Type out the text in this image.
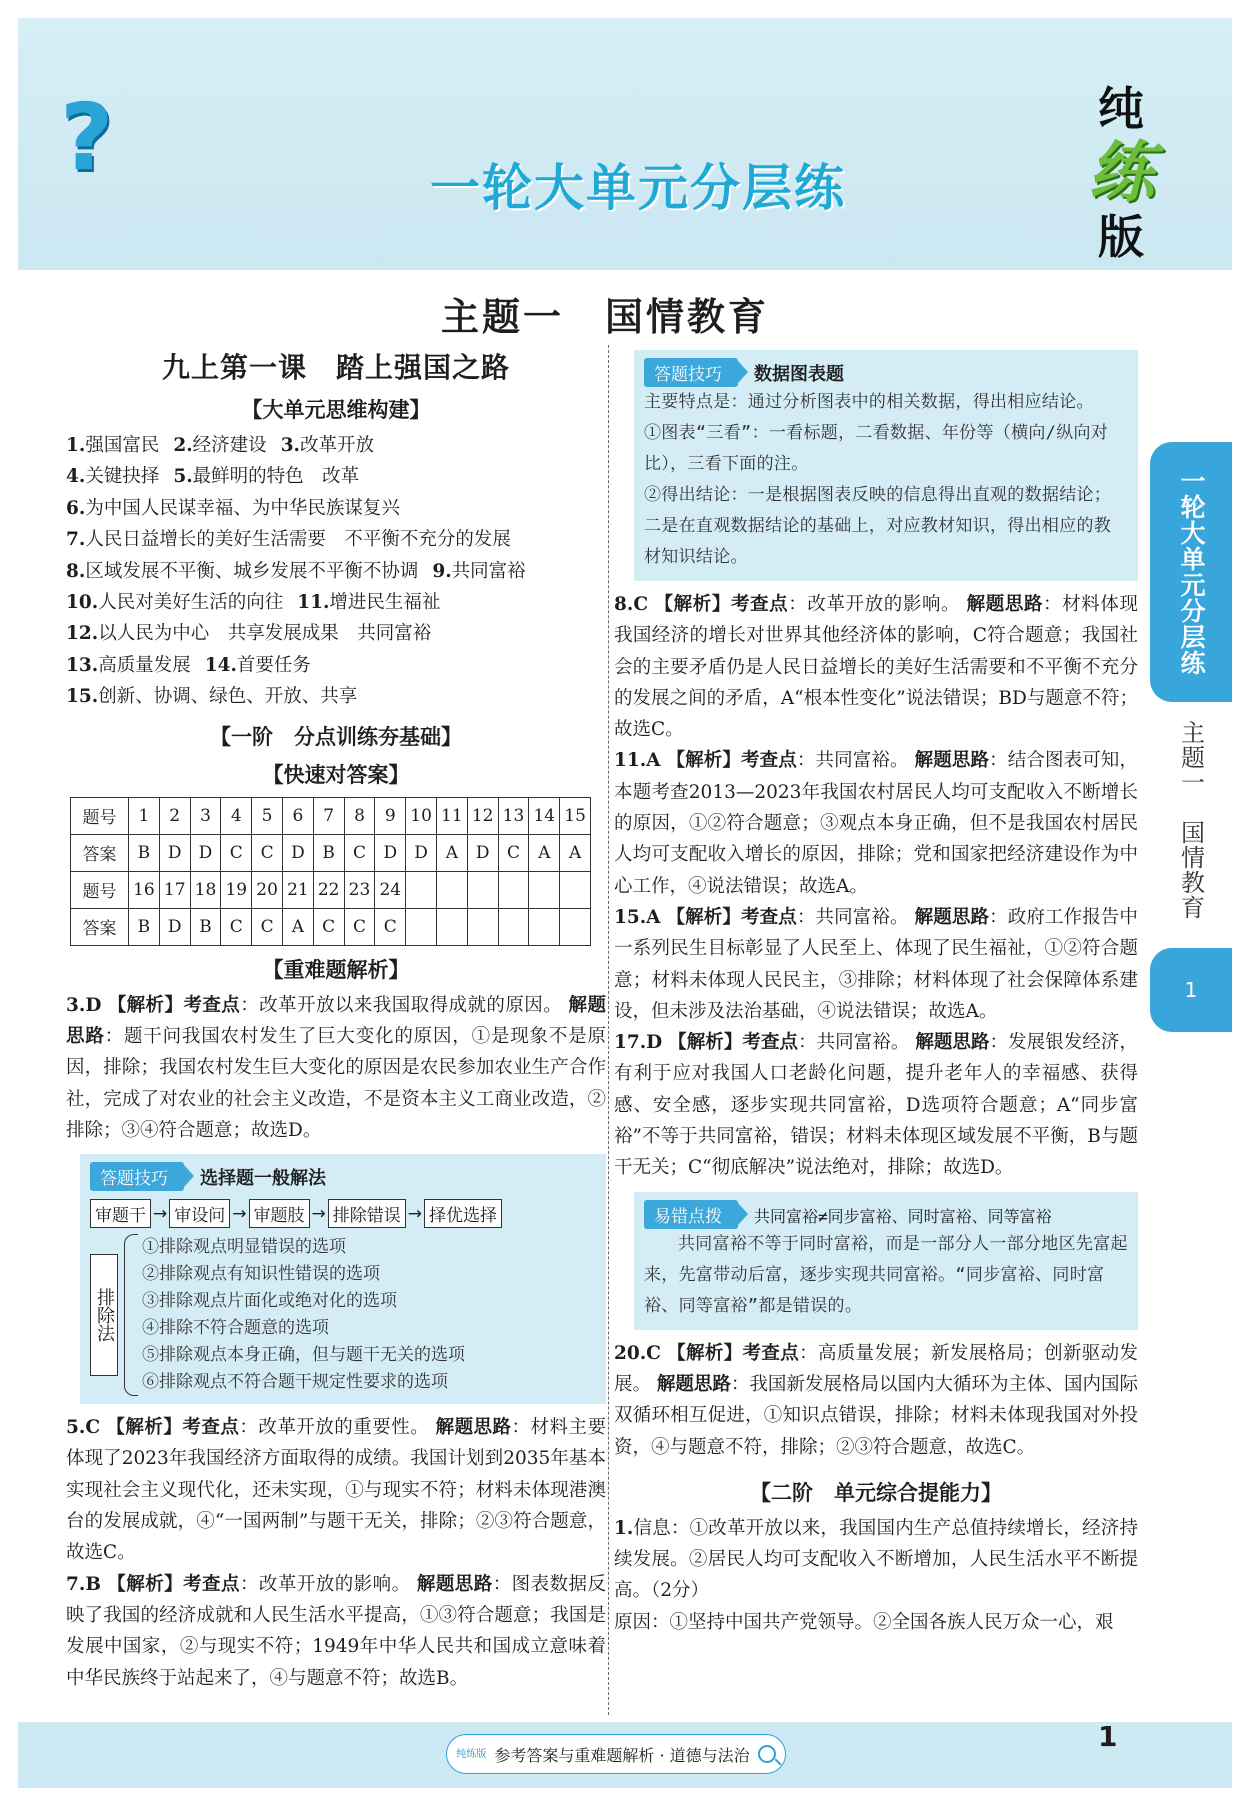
?	一轮大单元分层练
纯
练
版
主题一　国情教育
九上第一课　踏上强国之路
【大单元思维构建】
1.强国富民 2.经济建设 3.改革开放
4.关键抉择 5.最鲜明的特色　改革
6.为中国人民谋幸福、为中华民族谋复兴
7.人民日益增长的美好生活需要　不平衡不充分的发展
8.区域发展不平衡、城乡发展不平衡不协调 9.共同富裕
10.人民对美好生活的向往 11.增进民生福祉
12.以人民为中心　共享发展成果　共同富裕
13.高质量发展 14.首要任务
15.创新、协调、绿色、开放、共享
【一阶　分点训练夯基础】
【快速对答案】
题号	1	2	3	4	5	6	7	8	9	10	11	12	13	14	15
答案	B	D	D	C	C	D	B	C	D	D	A	D	C	A	A
题号	16	17	18	19	20	21	22	23	24						
答案	B	D	B	C	C	A	C	C	C						
【重难题解析】
3.D 【解析】考查点：改革开放以来我国取得成就的原因。 解题思路：题干问我国农村发生了巨大变化的原因，①是现象不是原因，排除；我国农村发生巨大变化的原因是农民参加农业生产合作社，完成了对农业的社会主义改造，不是资本主义工商业改造，②排除；③④符合题意；故选D。
答题技巧 选择题一般解法
审题干 → 审设问 → 审题肢 → 排除错误 → 择优选择
排除法
①排除观点明显错误的选项
②排除观点有知识性错误的选项
③排除观点片面化或绝对化的选项
④排除不符合题意的选项
⑤排除观点本身正确，但与题干无关的选项
⑥排除观点不符合题干规定性要求的选项
5.C 【解析】考查点：改革开放的重要性。 解题思路：材料主要体现了2023年我国经济方面取得的成绩。我国计划到2035年基本实现社会主义现代化，还未实现，①与现实不符；材料未体现港澳台的发展成就，④“一国两制”与题干无关，排除；②③符合题意，故选C。
7.B 【解析】考查点：改革开放的影响。 解题思路：图表数据反映了我国的经济成就和人民生活水平提高，①③符合题意；我国是发展中国家，②与现实不符；1949年中华人民共和国成立意味着中华民族终于站起来了，④与题意不符；故选B。
答题技巧 数据图表题
主要特点是：通过分析图表中的相关数据，得出相应结论。
①图表“三看”：一看标题，二看数据、年份等（横向/纵向对比），三看下面的注。
②得出结论：一是根据图表反映的信息得出直观的数据结论；二是在直观数据结论的基础上，对应教材知识，得出相应的教材知识结论。
8.C 【解析】考查点：改革开放的影响。 解题思路：材料体现我国经济的增长对世界其他经济体的影响，C符合题意；我国社会的主要矛盾仍是人民日益增长的美好生活需要和不平衡不充分的发展之间的矛盾，A“根本性变化”说法错误；BD与题意不符；故选C。
11.A 【解析】考查点：共同富裕。 解题思路：结合图表可知，本题考查2013—2023年我国农村居民人均可支配收入不断增长的原因，①②符合题意；③观点本身正确，但不是我国农村居民人均可支配收入增长的原因，排除；党和国家把经济建设作为中心工作，④说法错误；故选A。
15.A 【解析】考查点：共同富裕。 解题思路：政府工作报告中一系列民生目标彰显了人民至上、体现了民生福祉，①②符合题意；材料未体现人民民主，③排除；材料体现了社会保障体系建设，但未涉及法治基础，④说法错误；故选A。
17.D 【解析】考查点：共同富裕。 解题思路：发展银发经济，有利于应对我国人口老龄化问题，提升老年人的幸福感、获得感、安全感，逐步实现共同富裕，D选项符合题意；A“同步富裕”不等于共同富裕，错误；材料未体现区域发展不平衡，B与题干无关；C“彻底解决”说法绝对，排除；故选D。
易错点拨 共同富裕≠同步富裕、同时富裕、同等富裕
共同富裕不等于同时富裕，而是一部分人一部分地区先富起来，先富带动后富，逐步实现共同富裕。“同步富裕、同时富裕、同等富裕”都是错误的。
20.C 【解析】考查点：高质量发展；新发展格局；创新驱动发展。 解题思路：我国新发展格局以国内大循环为主体、国内国际双循环相互促进，①知识点错误，排除；材料未体现我国对外投资，④与题意不符，排除；②③符合题意，故选C。
【二阶　单元综合提能力】
1.信息：①改革开放以来，我国国内生产总值持续增长，经济持续发展。②居民人均可支配收入不断增加，人民生活水平不断提高。（2分）
原因：①坚持中国共产党领导。②全国各族人民万众一心，艰
一轮大单元分层练
主题一　国情教育
1
纯练版 参考答案与重难题解析 · 道德与法治
1
